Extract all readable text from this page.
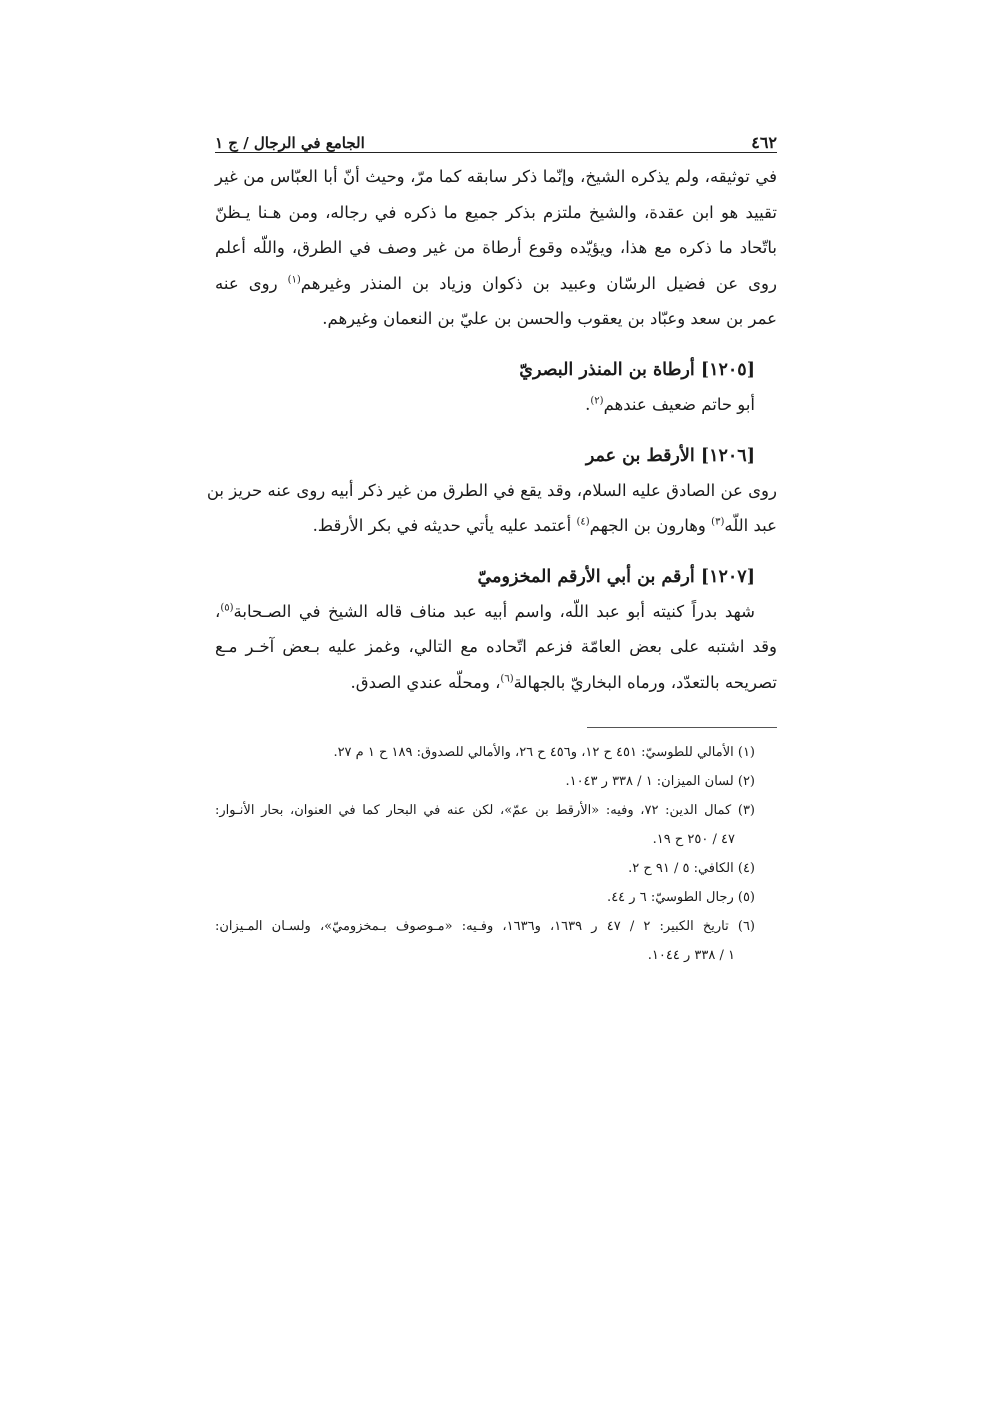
٤٦٢
الجامع في الرجال / ج ١
في توثيقه، ولم يذكره الشيخ، وإنّما ذكر سابقه كما مرّ، وحيث أنّ أبا العبّاس من غير
تقييد هو ابن عقدة، والشيخ ملتزم بذكر جميع ما ذكره في رجاله، ومن هـنا يـظنّ
باتّحاد ما ذكره مع هذا، ويؤيّده وقوع أرطاة من غير وصف في الطرق، واللّه أعلم
روى عن فضيل الرسّان وعبيد بن ذكوان وزياد بن المنذر وغيرهم$^{(١)}$ روى عنه
عمر بن سعد وعبّاد بن يعقوب والحسن بن عليّ بن النعمان وغيرهم.
[١٢٠٥] أرطاة بن المنذر البصريّ
أبو حاتم ضعيف عندهم$^{(٢)}$.
[١٢٠٦] الأرقط بن عمر
روى عن الصادق عليه السلام، وقد يقع في الطرق من غير ذكر أبيه روى عنه حريز بن
عبد اللّه$^{(٣)}$ وهارون بن الجهم$^{(٤)}$ أعتمد عليه يأتي حديثه في بكر الأرقط.
[١٢٠٧] أرقم بن أبي الأرقم المخزوميّ
شهد بدراً كنيته أبو عبد اللّه، واسم أبيه عبد مناف قاله الشيخ في الصـحابة$^{(٥)}$،
وقد اشتبه على بعض العامّة فزعم اتّحاده مع التالي، وغمز عليه بـعض آخـر مـع
تصريحه بالتعدّد، ورماه البخاريّ بالجهالة$^{(٦)}$، ومحلّه عندي الصدق.
(١) الأمالي للطوسيّ: ٤٥١ ح ١٢، و٤٥٦ ح ٢٦، والأمالي للصدوق: ١٨٩ ح ١ م ٢٧.
(٢) لسان الميزان: ١ / ٣٣٨ ر ١٠٤٣.
(٣) كمال الدين: ٧٢، وفيه: «الأرقط بن عمّ»، لكن عنه في البحار كما في العنوان، بحار الأنـوار:
٤٧ / ٢٥٠ ح ١٩.
(٤) الكافي: ٥ / ٩١ ح ٢.
(٥) رجال الطوسيّ: ٦ ر ٤٤.
(٦) تاريخ الكبير: ٢ / ٤٧ ر ١٦٣٩، و١٦٣٦، وفـيه: «مـوصوف بـمخزوميّ»، ولسـان المـيزان:
١ / ٣٣٨ ر ١٠٤٤.
